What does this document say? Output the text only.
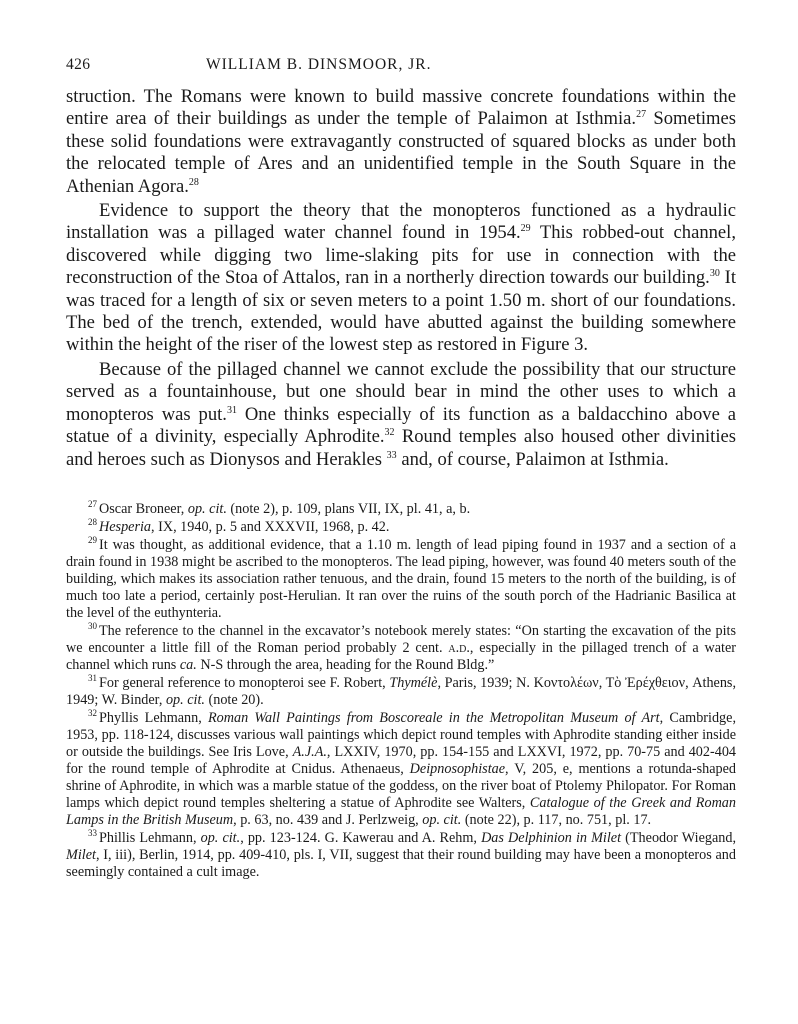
426	WILLIAM B. DINSMOOR, JR.

struction. The Romans were known to build massive concrete foundations within the entire area of their buildings as under the temple of Palaimon at Isthmia.$^{27}$ Sometimes these solid foundations were extravagantly constructed of squared blocks as under both the relocated temple of Ares and an unidentified temple in the South Square in the Athenian Agora.$^{28}$

Evidence to support the theory that the monopteros functioned as a hydraulic installation was a pillaged water channel found in 1954.29 This robbed-out channel, discovered while digging two lime-slaking pits for use in connection with the reconstruction of the Stoa of Attalos, ran in a northerly direction towards our building.$^{30}$ It was traced for a length of six or seven meters to a point 1.50 m. short of our foundations. The bed of the trench, extended, would have abutted against the building somewhere within the height of the riser of the lowest step as restored in Figure 3.

Because of the pillaged channel we cannot exclude the possibility that our structure served as a fountainhouse, but one should bear in mind the other uses to which a monopteros was put.$^{31}$ One thinks especially of its function as a baldacchino above a statue of a divinity, especially Aphrodite.$^{32}$ Round temples also housed other divinities and heroes such as Dionysos and Herakles $^{33}$ and, of course, Palaimon at Isthmia.

$^{27}$ Oscar Broneer, op. cit. (note 2), p. 109, plans VII, IX, pl. 41, a, b.

$^{28}$ Hesperia, IX, 1940, p. 5 and XXXVII, 1968, p. 42.

$^{29}$ It was thought, as additional evidence, that a 1.10 m. length of lead piping found in 1937 and a section of a drain found in 1938 might be ascribed to the monopteros. The lead piping, however, was found 40 meters south of the building, which makes its association rather tenuous, and the drain, found 15 meters to the north of the building, is of much too late a period, certainly post-Herulian. It ran over the ruins of the south porch of the Hadrianic Basilica at the level of the euthynteria.

$^{30}$ The reference to the channel in the excavator’s notebook merely states: “On starting the excavation of the pits we encounter a little fill of the Roman period probably 2 cent. a.d., especially in the pillaged trench of a water channel which runs ca. N-S through the area, heading for the Round Bldg.”

$^{31}$ For general reference to monopteroi see F. Robert, Thymélè, Paris, 1939; N. Κοντολέων, Τὸ Ἐρέχθειον, Athens, 1949; W. Binder, op. cit. (note 20).

$^{32}$ Phyllis Lehmann, Roman Wall Paintings from Boscoreale in the Metropolitan Museum of Art, Cambridge, 1953, pp. 118-124, discusses various wall paintings which depict round temples with Aphrodite standing either inside or outside the buildings. See Iris Love, A.J.A., LXXIV, 1970, pp. 154-155 and LXXVI, 1972, pp. 70-75 and 402-404 for the round temple of Aphrodite at Cnidus. Athenaeus, Deipnosophistae, V, 205, e, mentions a rotunda-shaped shrine of Aphrodite, in which was a marble statue of the goddess, on the river boat of Ptolemy Philopator. For Roman lamps which depict round temples sheltering a statue of Aphrodite see Walters, Catalogue of the Greek and Roman Lamps in the British Museum, p. 63, no. 439 and J. Perlzweig, op. cit. (note 22), p. 117, no. 751, pl. 17.

$^{33}$ Phillis Lehmann, op. cit., pp. 123-124. G. Kawerau and A. Rehm, Das Delphinion in Milet (Theodor Wiegand, Milet, I, iii), Berlin, 1914, pp. 409-410, pls. I, VII, suggest that their round building may have been a monopteros and seemingly contained a cult image.
